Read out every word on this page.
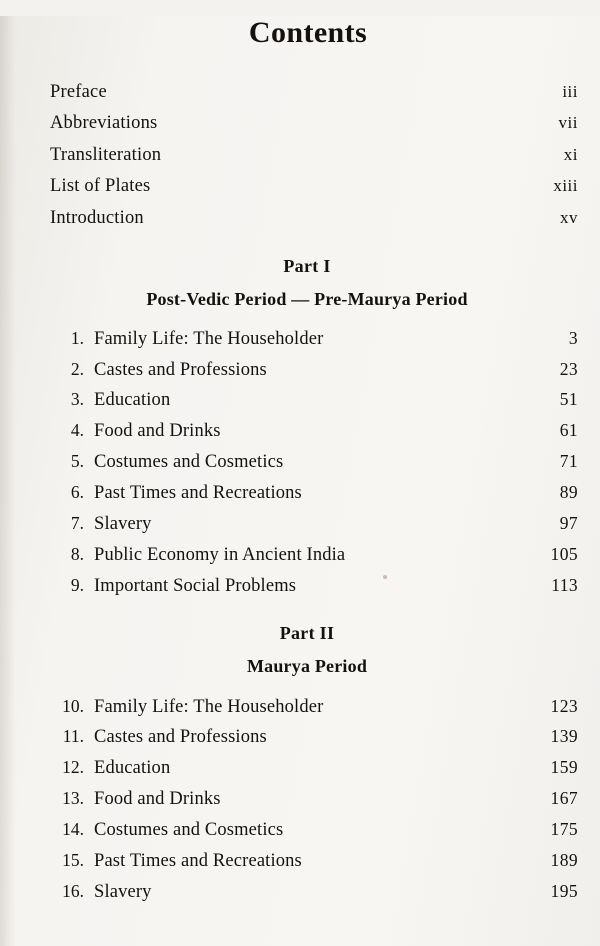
Contents
Preface	iii
Abbreviations	vii
Transliteration	xi
List of Plates	xiii
Introduction	xv
Part I
Post-Vedic Period — Pre-Maurya Period
1. Family Life: The Householder	3
2. Castes and Professions	23
3. Education	51
4. Food and Drinks	61
5. Costumes and Cosmetics	71
6. Past Times and Recreations	89
7. Slavery	97
8. Public Economy in Ancient India	105
9. Important Social Problems	113
Part II
Maurya Period
10. Family Life: The Householder	123
11. Castes and Professions	139
12. Education	159
13. Food and Drinks	167
14. Costumes and Cosmetics	175
15. Past Times and Recreations	189
16. Slavery	195
